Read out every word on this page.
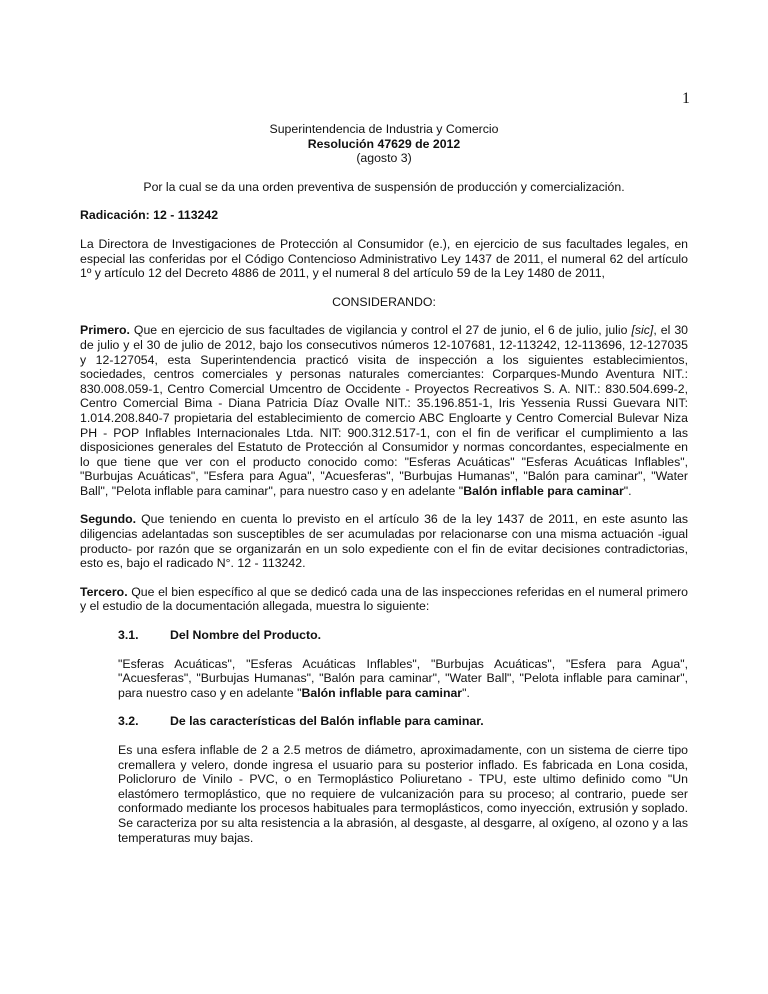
1
Superintendencia de Industria y Comercio
Resolución 47629 de 2012
(agosto 3)

Por la cual se da una orden preventiva de suspensión de producción y comercialización.

Radicación: 12 - 113242

La Directora de Investigaciones de Protección al Consumidor (e.), en ejercicio de sus facultades legales, en especial las conferidas por el Código Contencioso Administrativo Ley 1437 de 2011, el numeral 62 del artículo 1º y artículo 12 del Decreto 4886 de 2011, y el numeral 8 del artículo 59 de la Ley 1480 de 2011,

CONSIDERANDO:

Primero. Que en ejercicio de sus facultades de vigilancia y control el 27 de junio, el 6 de julio, julio [sic], el 30 de julio y el 30 de julio de 2012, bajo los consecutivos números 12-107681, 12-113242, 12-113696, 12-127035 y 12-127054, esta Superintendencia practicó visita de inspección a los siguientes establecimientos, sociedades, centros comerciales y personas naturales comerciantes: Corparques-Mundo Aventura NIT.: 830.008.059-1, Centro Comercial Umcentro de Occidente - Proyectos Recreativos S. A. NIT.: 830.504.699-2, Centro Comercial Bima - Diana Patricia Díaz Ovalle NIT.: 35.196.851-1, Iris Yessenia Russi Guevara NIT: 1.014.208.840-7 propietaria del establecimiento de comercio ABC Engloarte y Centro Comercial Bulevar Niza PH - POP Inflables Internacionales Ltda. NIT: 900.312.517-1, con el fin de verificar el cumplimiento a las disposiciones generales del Estatuto de Protección al Consumidor y normas concordantes, especialmente en lo que tiene que ver con el producto conocido como: "Esferas Acuáticas" "Esferas Acuáticas Inflables", "Burbujas Acuáticas", "Esfera para Agua", "Acuesferas", "Burbujas Humanas", "Balón para caminar", "Water Ball", "Pelota inflable para caminar", para nuestro caso y en adelante "Balón inflable para caminar".

Segundo. Que teniendo en cuenta lo previsto en el artículo 36 de la ley 1437 de 2011, en este asunto las diligencias adelantadas son susceptibles de ser acumuladas por relacionarse con una misma actuación -igual producto- por razón que se organizarán en un solo expediente con el fin de evitar decisiones contradictorias, esto es, bajo el radicado N°. 12 - 113242.

Tercero. Que el bien específico al que se dedicó cada una de las inspecciones referidas en el numeral primero y el estudio de la documentación allegada, muestra lo siguiente:

3.1.	Del Nombre del Producto.

"Esferas Acuáticas", "Esferas Acuáticas Inflables", "Burbujas Acuáticas", "Esfera para Agua", "Acuesferas", "Burbujas Humanas", "Balón para caminar", "Water Ball", "Pelota inflable para caminar", para nuestro caso y en adelante "Balón inflable para caminar".

3.2.	De las características del Balón inflable para caminar.

Es una esfera inflable de 2 a 2.5 metros de diámetro, aproximadamente, con un sistema de cierre tipo cremallera y velero, donde ingresa el usuario para su posterior inflado. Es fabricada en Lona cosida, Policloruro de Vinilo - PVC, o en Termoplástico Poliuretano - TPU, este ultimo definido como "Un elastómero termoplástico, que no requiere de vulcanización para su proceso; al contrario, puede ser conformado mediante los procesos habituales para termoplásticos, como inyección, extrusión y soplado. Se caracteriza por su alta resistencia a la abrasión, al desgaste, al desgarre, al oxígeno, al ozono y a las temperaturas muy bajas.
